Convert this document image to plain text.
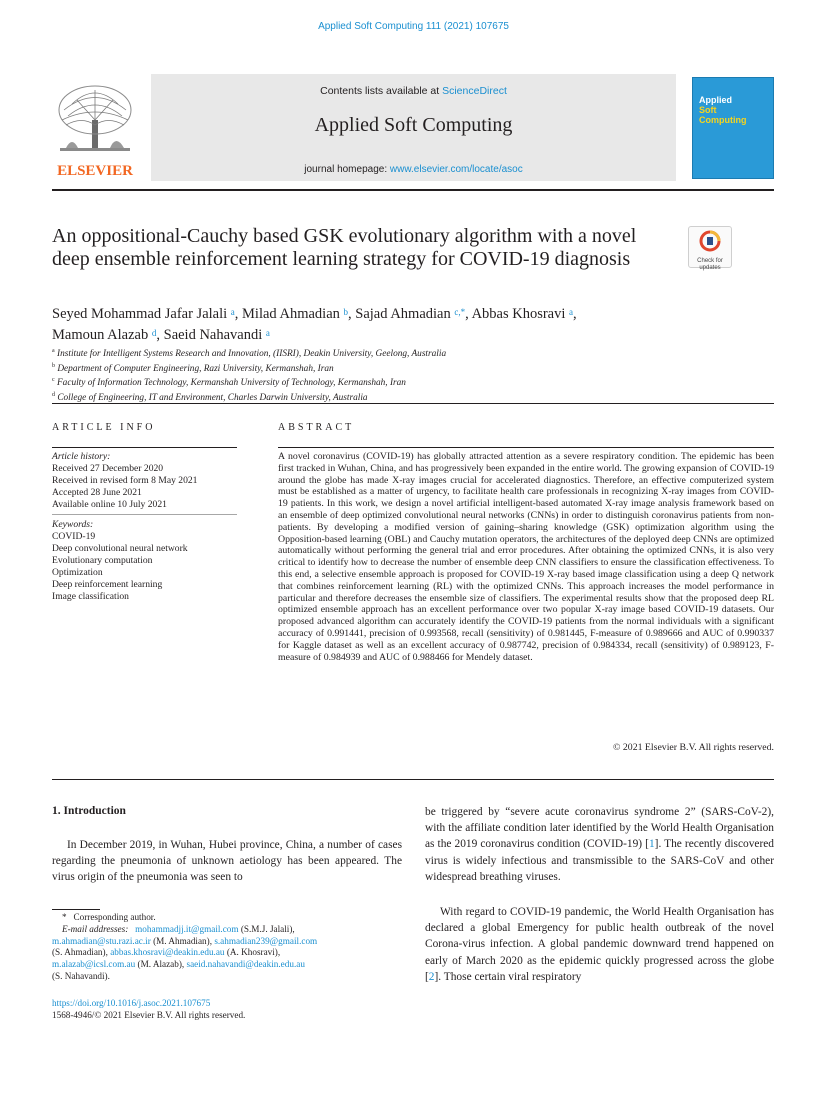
Applied Soft Computing 111 (2021) 107675
ELSEVIER
Contents lists available at ScienceDirect
Applied Soft Computing
journal homepage: www.elsevier.com/locate/asoc
Applied
Soft
Computing
An oppositional-Cauchy based GSK evolutionary algorithm with a novel deep ensemble reinforcement learning strategy for COVID-19 diagnosis	Check for updates
Seyed Mohammad Jafar Jalali $^a$, Milad Ahmadian $^b$, Sajad Ahmadian $^{c,*}$, Abbas Khosravi $^a$,
Mamoun Alazab $^d$, Saeid Nahavandi $^a$
$^a$ Institute for Intelligent Systems Research and Innovation, (IISRI), Deakin University, Geelong, Australia
$^b$ Department of Computer Engineering, Razi University, Kermanshah, Iran
$^c$ Faculty of Information Technology, Kermanshah University of Technology, Kermanshah, Iran
$^d$ College of Engineering, IT and Environment, Charles Darwin University, Australia
ARTICLE INFO	ABSTRACT
Article history:
Received 27 December 2020
Received in revised form 8 May 2021
Accepted 28 June 2021
Available online 10 July 2021
Keywords:
COVID-19
Deep convolutional neural network
Evolutionary computation
Optimization
Deep reinforcement learning
Image classification
A novel coronavirus (COVID-19) has globally attracted attention as a severe respiratory condition. The epidemic has been first tracked in Wuhan, China, and has progressively been expanded in the entire world. The growing expansion of COVID-19 around the globe has made X-ray images crucial for accelerated diagnostics. Therefore, an effective computerized system must be established as a matter of urgency, to facilitate health care professionals in recognizing X-ray images from COVID-19 patients. In this work, we design a novel artificial intelligent-based automated X-ray image analysis framework based on an ensemble of deep optimized convolutional neural networks (CNNs) in order to distinguish coronavirus patients from non-patients. By developing a modified version of gaining–sharing knowledge (GSK) optimization algorithm using the Opposition-based learning (OBL) and Cauchy mutation operators, the architectures of the deployed deep CNNs are optimized automatically without performing the general trial and error procedures. After obtaining the optimized CNNs, it is also very critical to identify how to decrease the number of ensemble deep CNN classifiers to ensure the classification effectiveness. To this end, a selective ensemble approach is proposed for COVID-19 X-ray based image classification using a deep Q network that combines reinforcement learning (RL) with the optimized CNNs. This approach increases the model performance in particular and therefore decreases the ensemble size of classifiers. The experimental results show that the proposed deep RL optimized ensemble approach has an excellent performance over two popular X-ray image based COVID-19 datasets. Our proposed advanced algorithm can accurately identify the COVID-19 patients from the normal individuals with a significant accuracy of 0.991441, precision of 0.993568, recall (sensitivity) of 0.981445, F-measure of 0.989666 and AUC of 0.990337 for Kaggle dataset as well as an excellent accuracy of 0.987742, precision of 0.984334, recall (sensitivity) of 0.989123, F-measure of 0.984939 and AUC of 0.988466 for Mendely dataset.
© 2021 Elsevier B.V. All rights reserved.
1. Introduction
In December 2019, in Wuhan, Hubei province, China, a number of cases regarding the pneumonia of unknown aetiology has been appeared. The virus origin of the pneumonia was seen to
be triggered by “severe acute coronavirus syndrome 2” (SARS-CoV-2), with the affiliate condition later identified by the World Health Organisation as the 2019 coronavirus condition (COVID-19) [1]. The recently discovered virus is widely infectious and transmissible to the SARS-CoV and other widespread breathing viruses.
With regard to COVID-19 pandemic, the World Health Organisation has declared a global Emergency for public health outbreak of the novel Corona-virus infection. A global pandemic downward trend happened on early of March 2020 as the epidemic quickly progressed across the globe [2]. Those certain viral respiratory
* Corresponding author.
E-mail addresses: mohammadjj.it@gmail.com (S.M.J. Jalali),
m.ahmadian@stu.razi.ac.ir (M. Ahmadian), s.ahmadian239@gmail.com
(S. Ahmadian), abbas.khosravi@deakin.edu.au (A. Khosravi),
m.alazab@icsl.com.au (M. Alazab), saeid.nahavandi@deakin.edu.au
(S. Nahavandi).
https://doi.org/10.1016/j.asoc.2021.107675
1568-4946/© 2021 Elsevier B.V. All rights reserved.
